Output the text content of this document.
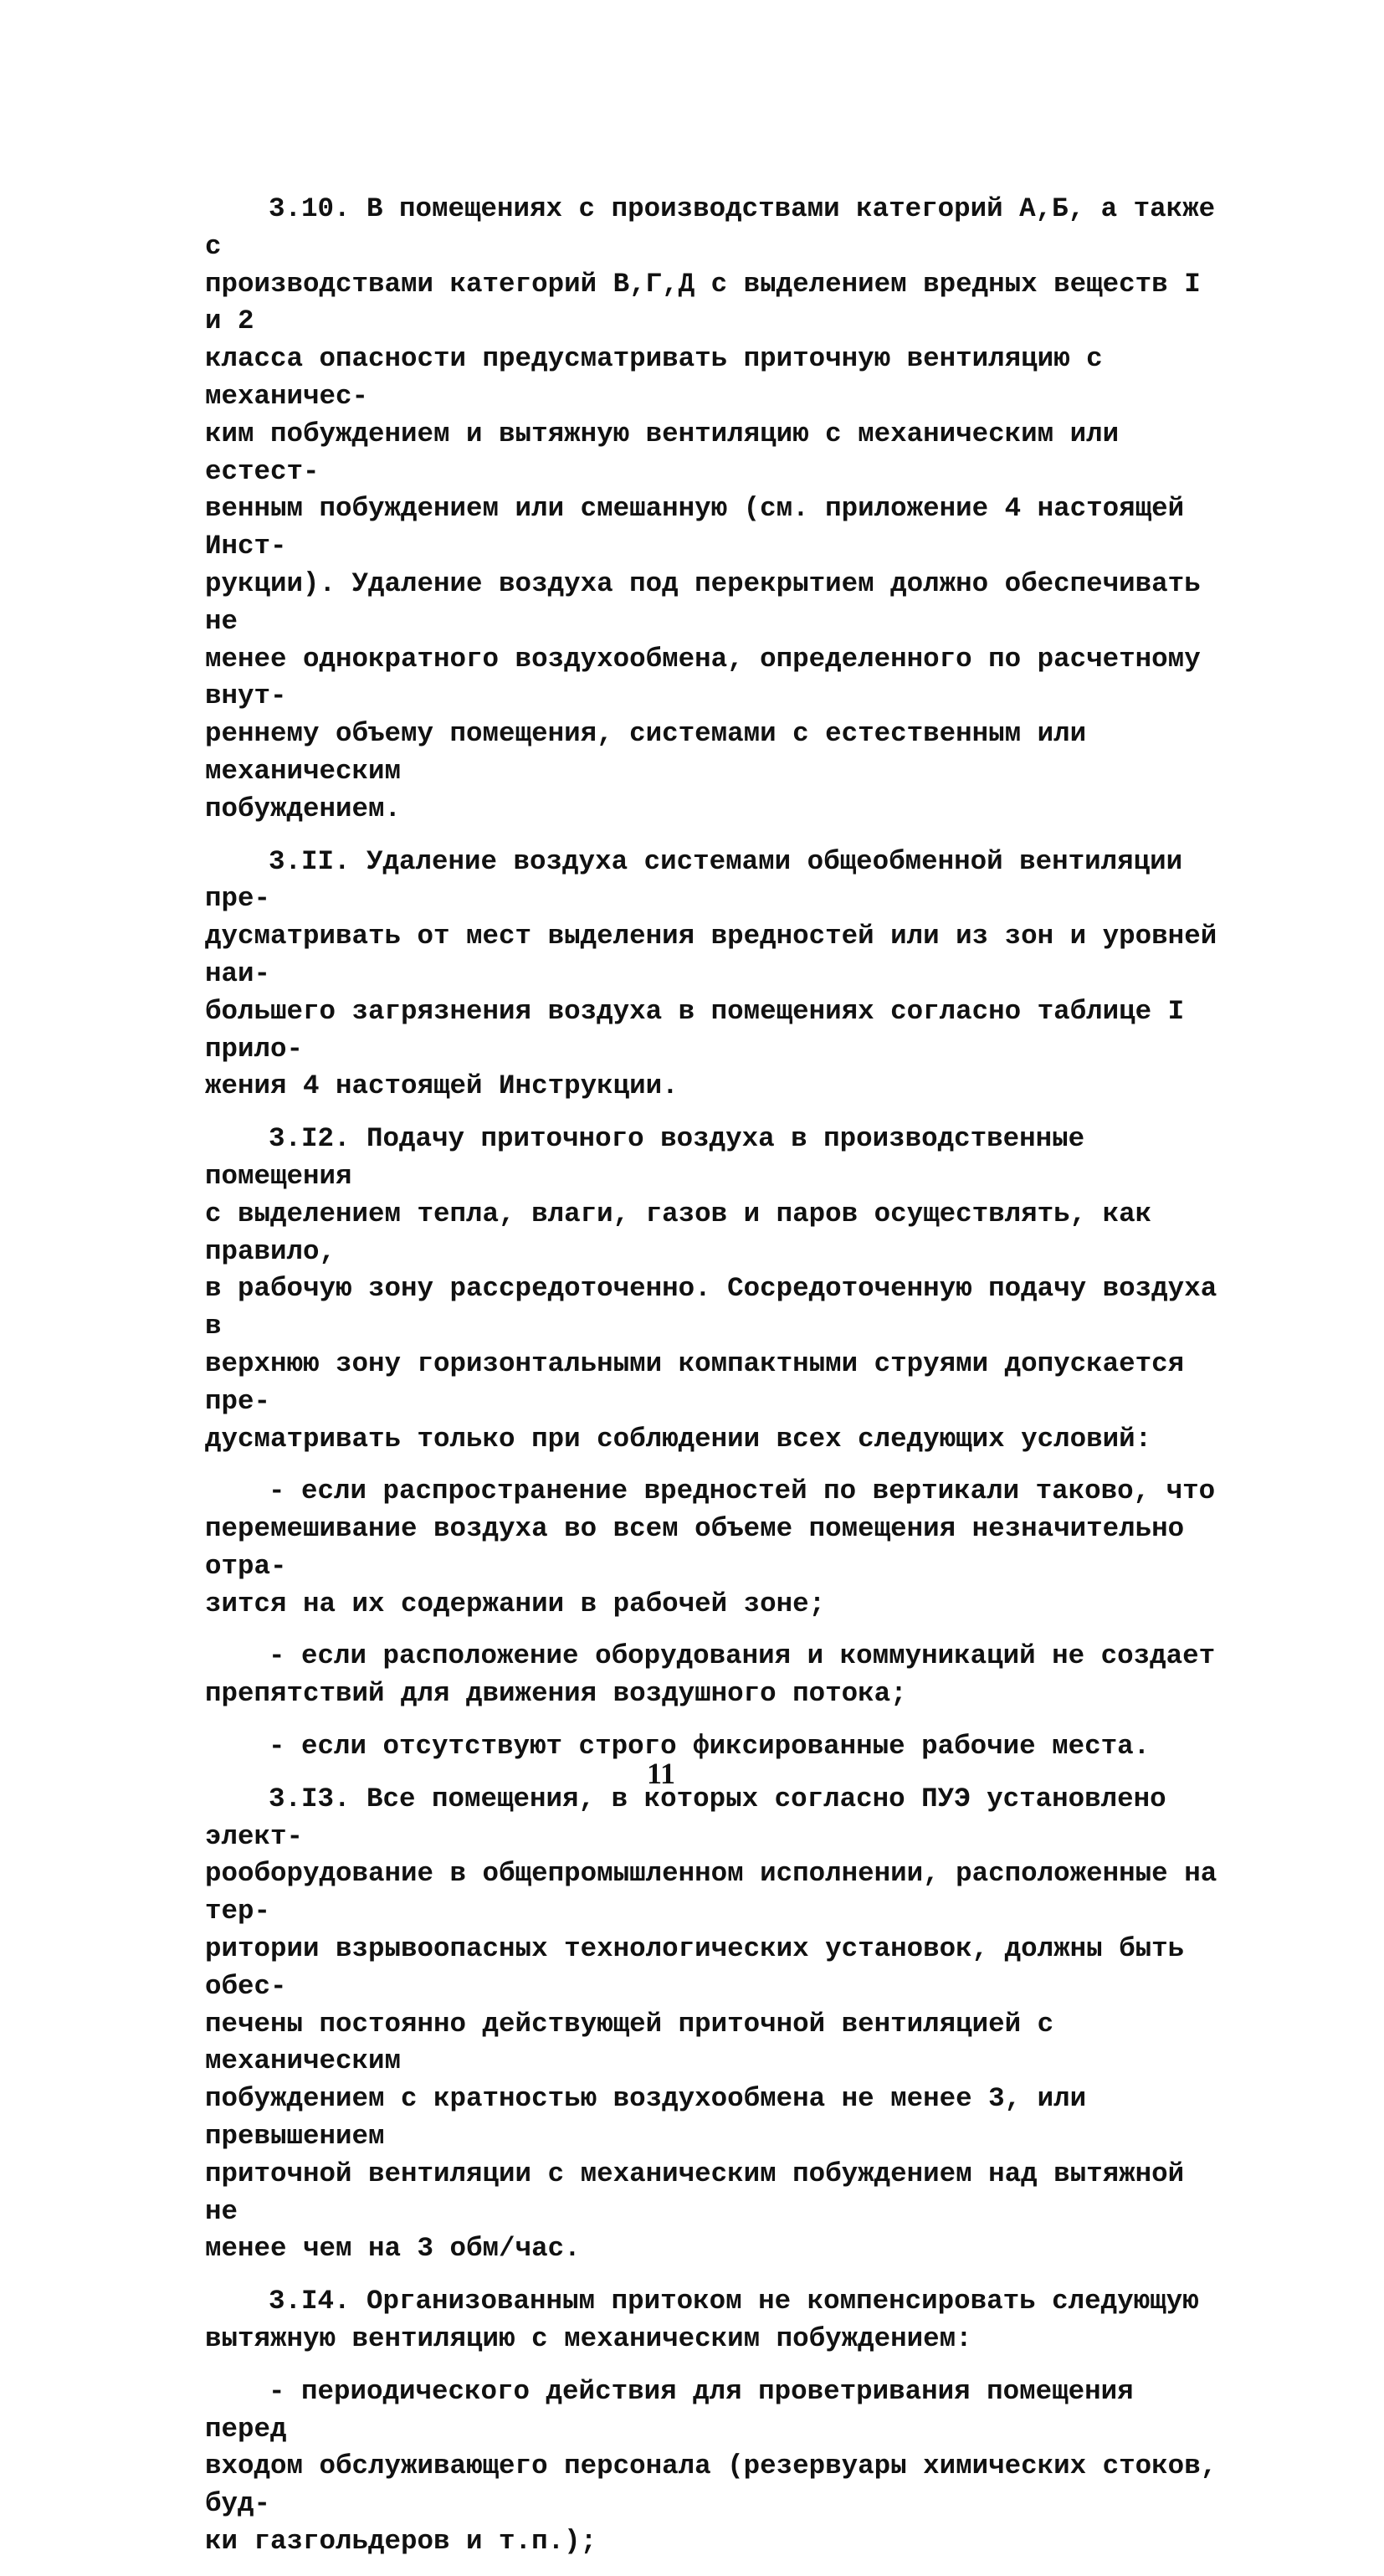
3.10. В помещениях с производствами категорий А,Б, а также с
производствами категорий В,Г,Д с выделением вредных веществ I и 2
класса опасности предусматривать приточную вентиляцию с механичес-
ким побуждением и вытяжную вентиляцию с механическим или естест-
венным побуждением или смешанную (см. приложение 4 настоящей Инст-
рукции). Удаление воздуха под перекрытием должно обеспечивать не
менее однократного воздухообмена, определенного по расчетному внут-
реннему объему помещения, системами с естественным или механическим
побуждением.

3.II. Удаление воздуха системами общеобменной вентиляции пре-
дусматривать от мест выделения вредностей или из зон и уровней наи-
большего загрязнения воздуха в помещениях согласно таблице I прило-
жения 4 настоящей Инструкции.

3.I2. Подачу приточного воздуха в производственные помещения
с выделением тепла, влаги, газов и паров осуществлять, как правило,
в рабочую зону рассредоточенно. Сосредоточенную подачу воздуха в
верхнюю зону горизонтальными компактными струями допускается пре-
дусматривать только при соблюдении всех следующих условий:

- если распространение вредностей по вертикали таково, что
перемешивание воздуха во всем объеме помещения незначительно отра-
зится на их содержании в рабочей зоне;

- если расположение оборудования и коммуникаций не создает
препятствий для движения воздушного потока;

- если отсутствуют строго фиксированные рабочие места.

3.I3. Все помещения, в которых согласно ПУЭ установлено элект-
рооборудование в общепромышленном исполнении, расположенные на тер-
ритории взрывоопасных технологических установок, должны быть обес-
печены постоянно действующей приточной вентиляцией с механическим
побуждением с кратностью воздухообмена не менее 3, или превышением
приточной вентиляции с механическим побуждением над вытяжной не
менее чем на 3 обм/час.

3.I4. Организованным притоком не компенсировать следующую
вытяжную вентиляцию с механическим побуждением:

- периодического действия для проветривания помещения перед
входом обслуживающего персонала (резервуары химических стоков, буд-
ки газгольдеров и т.п.);

11
